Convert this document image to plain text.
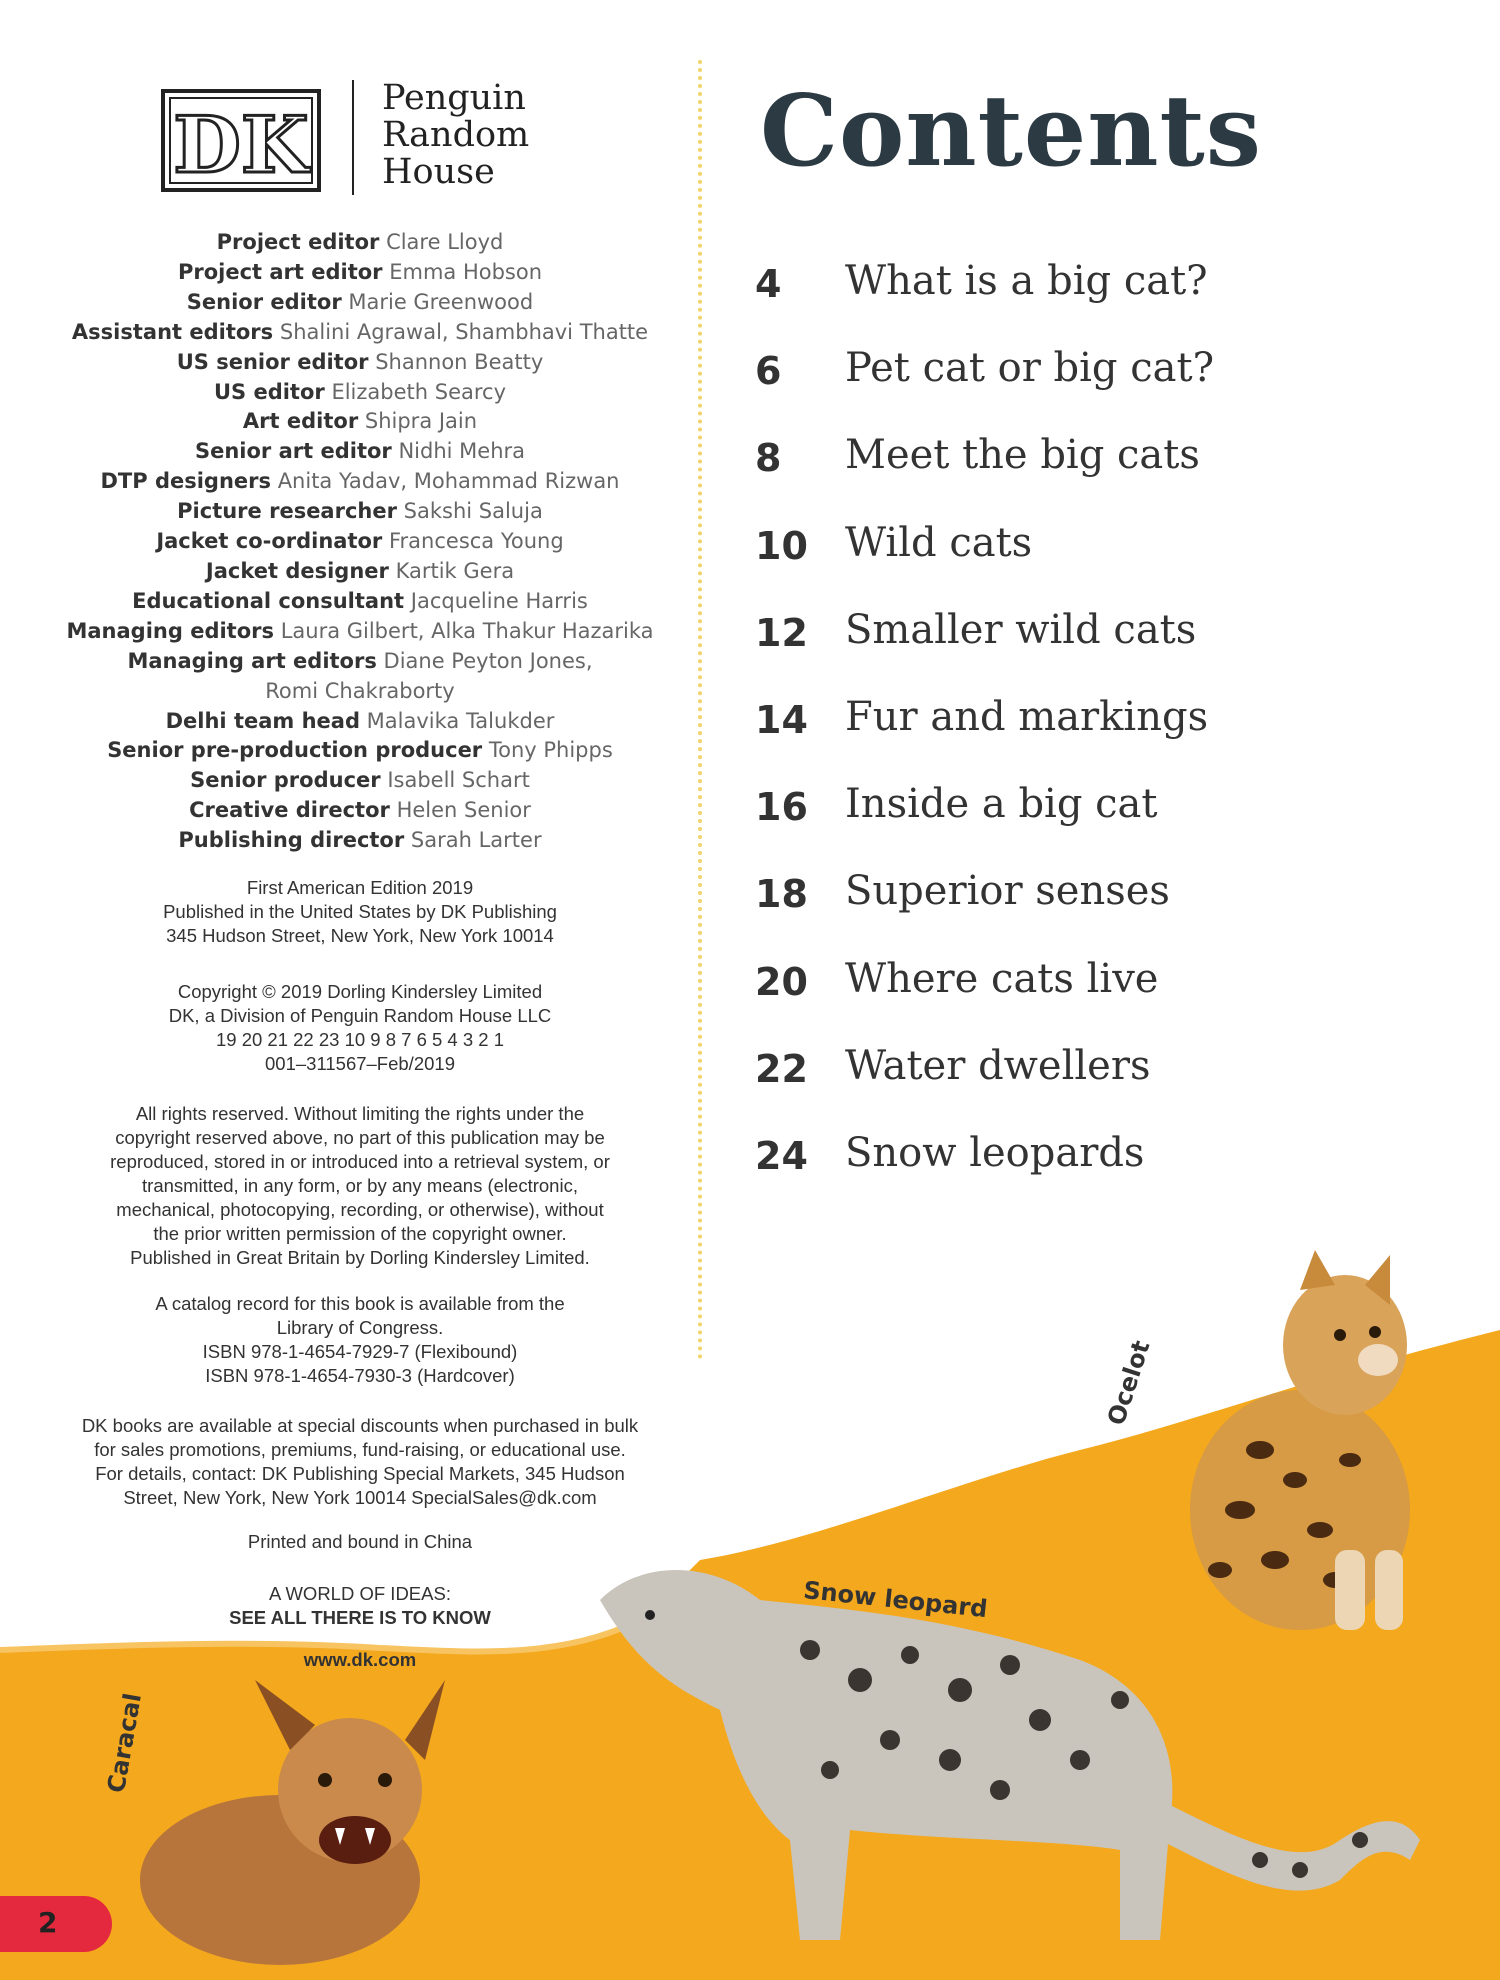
DK
Penguin
Random
House
Project editor Clare Lloyd
Project art editor Emma Hobson
Senior editor Marie Greenwood
Assistant editors Shalini Agrawal, Shambhavi Thatte
US senior editor Shannon Beatty
US editor Elizabeth Searcy
Art editor Shipra Jain
Senior art editor Nidhi Mehra
DTP designers Anita Yadav, Mohammad Rizwan
Picture researcher Sakshi Saluja
Jacket co-ordinator Francesca Young
Jacket designer Kartik Gera
Educational consultant Jacqueline Harris
Managing editors Laura Gilbert, Alka Thakur Hazarika
Managing art editors Diane Peyton Jones,
Romi Chakraborty
Delhi team head Malavika Talukder
Senior pre-production producer Tony Phipps
Senior producer Isabell Schart
Creative director Helen Senior
Publishing director Sarah Larter
First American Edition 2019
Published in the United States by DK Publishing
345 Hudson Street, New York, New York 10014
Copyright © 2019 Dorling Kindersley Limited
DK, a Division of Penguin Random House LLC
19 20 21 22 23 10 9 8 7 6 5 4 3 2 1
001–311567–Feb/2019
All rights reserved. Without limiting the rights under the
copyright reserved above, no part of this publication may be
reproduced, stored in or introduced into a retrieval system, or
transmitted, in any form, or by any means (electronic,
mechanical, photocopying, recording, or otherwise), without
the prior written permission of the copyright owner.
Published in Great Britain by Dorling Kindersley Limited.
A catalog record for this book is available from the
Library of Congress.
ISBN 978-1-4654-7929-7 (Flexibound)
ISBN 978-1-4654-7930-3 (Hardcover)
DK books are available at special discounts when purchased in bulk
for sales promotions, premiums, fund-raising, or educational use.
For details, contact: DK Publishing Special Markets, 345 Hudson
Street, New York, New York 10014 SpecialSales@dk.com
Printed and bound in China
A WORLD OF IDEAS:
SEE ALL THERE IS TO KNOW
www.dk.com
Contents
4	What is a big cat?
6	Pet cat or big cat?
8	Meet the big cats
10 Wild cats
12 Smaller wild cats
14 Fur and markings
16 Inside a big cat
18 Superior senses
20 Where cats live
22 Water dwellers
24 Snow leopards
Ocelot
Snow leopard
Caracal
2
